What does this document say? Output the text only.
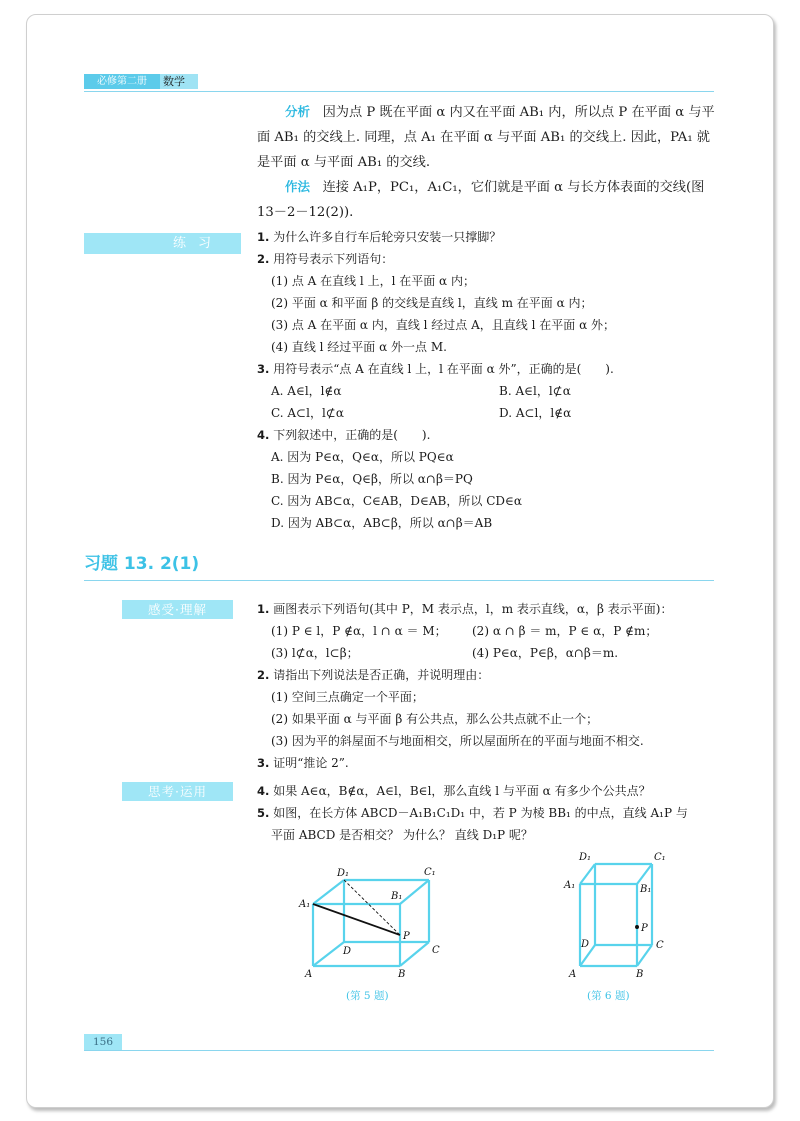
必修第二册	数学

分析 因为点 P 既在平面 α 内又在平面 AB₁ 内，所以点 P 在平面 α 与平面 AB₁ 的交线上. 同理，点 A₁ 在平面 α 与平面 AB₁ 的交线上. 因此，PA₁ 就是平面 α 与平面 AB₁ 的交线.

作法 连接 A₁P，PC₁，A₁C₁，它们就是平面 α 与长方体表面的交线(图 13－2－12(2)).

练习	1. 为什么许多自行车后轮旁只安装一只撑脚？
2. 用符号表示下列语句：
(1) 点 A 在直线 l 上，l 在平面 α 内；
(2) 平面 α 和平面 β 的交线是直线 l，直线 m 在平面 α 内；
(3) 点 A 在平面 α 内，直线 l 经过点 A，且直线 l 在平面 α 外；
(4) 直线 l 经过平面 α 外一点 M.
3. 用符号表示“点 A 在直线 l 上，l 在平面 α 外”，正确的是(　　).
A. A∈l，l∉α	B. A∈l，l⊄α
C. A⊂l，l⊄α	D. A⊂l，l∉α
4. 下列叙述中，正确的是(　　).
A. 因为 P∈α，Q∈α，所以 PQ∈α
B. 因为 P∈α，Q∈β，所以 α∩β＝PQ
C. 因为 AB⊂α，C∈AB，D∈AB，所以 CD∈α
D. 因为 AB⊂α，AB⊂β，所以 α∩β＝AB
习题 13. 2(1)
感受·理解	1. 画图表示下列语句(其中 P，M 表示点，l，m 表示直线，α，β 表示平面)：
(1) P ∈ l，P ∉α，l ∩ α ＝ M； (2) α ∩ β ＝ m，P ∈ α，P ∉m；
(3) l⊄α，l⊂β；	(4) P∈α，P∈β，α∩β＝m.
2. 请指出下列说法是否正确，并说明理由：
(1) 空间三点确定一个平面；
(2) 如果平面 α 与平面 β 有公共点，那么公共点就不止一个；
(3) 因为平的斜屋面不与地面相交，所以屋面所在的平面与地面不相交.
3. 证明“推论 2”.
思考·运用	4. 如果 A∈α，B∉α，A∈l，B∈l，那么直线 l 与平面 α 有多少个公共点？
5. 如图，在长方体 ABCD－A₁B₁C₁D₁ 中，若 P 为棱 BB₁ 的中点，直线 A₁P 与
平面 ABCD 是否相交？ 为什么？ 直线 D₁P 呢？
D₁	C₁
A₁
B₁
P
D	C
A	B
(第 5 题)
D₁	C₁
A₁	B₁
P
D	C
A	B
(第 6 题)
156
